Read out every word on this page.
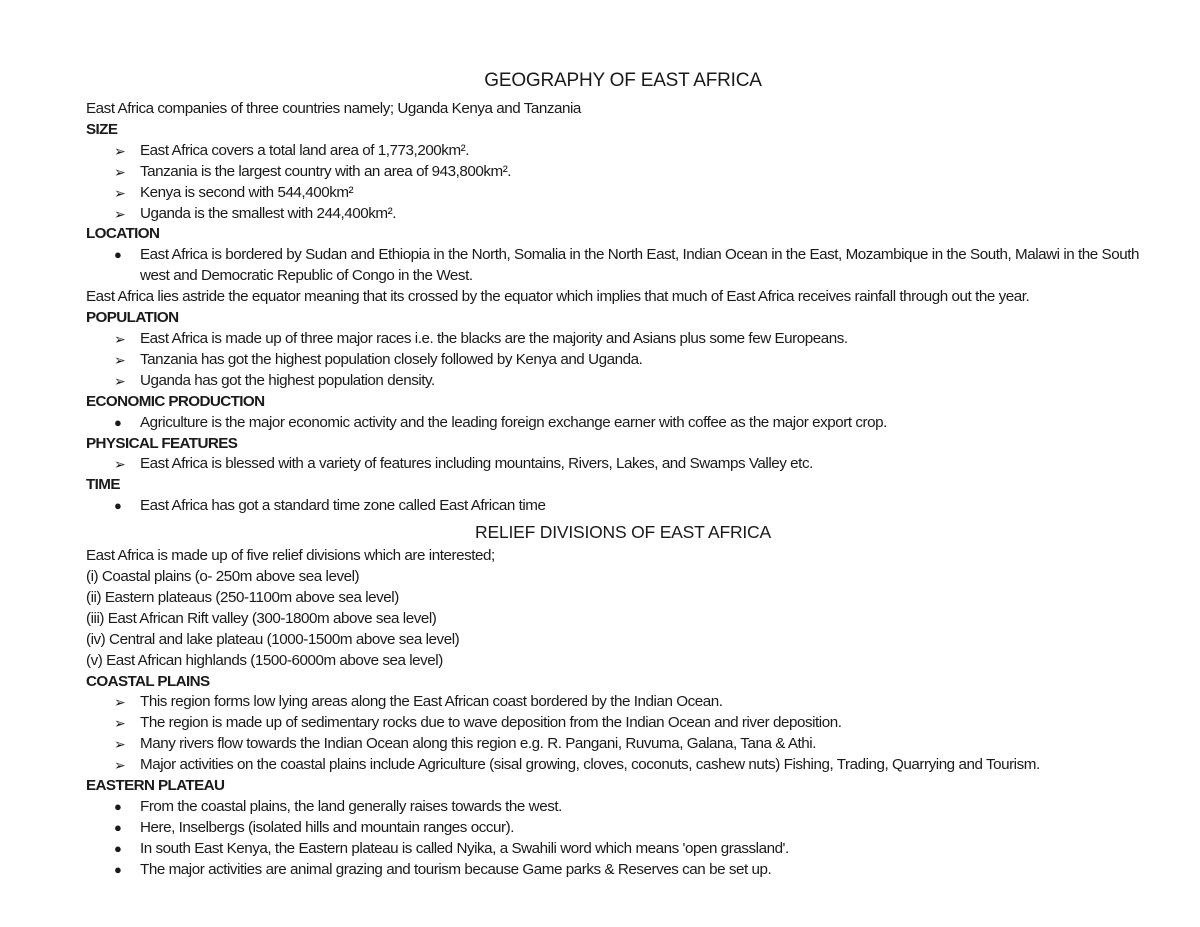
GEOGRAPHY OF EAST AFRICA

East Africa companies of three countries namely; Uganda Kenya and Tanzania

SIZE

➢ East Africa covers a total land area of 1,773,200km².
➢ Tanzania is the largest country with an area of 943,800km².
➢ Kenya is second with 544,400km²
➢ Uganda is the smallest with 244,400km².

LOCATION

●	East Africa is bordered by Sudan and Ethiopia in the North, Somalia in the North East, Indian Ocean in the East, Mozambique in the South, Malawi in the South west and Democratic Republic of Congo in the West.

East Africa lies astride the equator meaning that its crossed by the equator which implies that much of East Africa receives rainfall through out the year.

POPULATION

➢ East Africa is made up of three major races i.e. the blacks are the majority and Asians plus some few Europeans.
➢ Tanzania has got the highest population closely followed by Kenya and Uganda.
➢ Uganda has got the highest population density.

ECONOMIC PRODUCTION

●	Agriculture is the major economic activity and the leading foreign exchange earner with coffee as the major export crop.

PHYSICAL FEATURES

➢ East Africa is blessed with a variety of features including mountains, Rivers, Lakes, and Swamps Valley etc.

TIME

●	East Africa has got a standard time zone called East African time
RELIEF DIVISIONS OF EAST AFRICA

East Africa is made up of five relief divisions which are interested;

(i) Coastal plains (o- 250m above sea level)

(ii) Eastern plateaus (250-1100m above sea level)

(iii) East African Rift valley (300-1800m above sea level)

(iv) Central and lake plateau (1000-1500m above sea level)

(v) East African highlands (1500-6000m above sea level)

COASTAL PLAINS

➢ This region forms low lying areas along the East African coast bordered by the Indian Ocean.
➢ The region is made up of sedimentary rocks due to wave deposition from the Indian Ocean and river deposition.
➢ Many rivers flow towards the Indian Ocean along this region e.g. R. Pangani, Ruvuma, Galana, Tana & Athi.
➢ Major activities on the coastal plains include Agriculture (sisal growing, cloves, coconuts, cashew nuts) Fishing, Trading, Quarrying and Tourism.

EASTERN PLATEAU

●	From the coastal plains, the land generally raises towards the west.
●	Here, Inselbergs (isolated hills and mountain ranges occur).
●	In south East Kenya, the Eastern plateau is called Nyika, a Swahili word which means 'open grassland'.
●	The major activities are animal grazing and tourism because Game parks & Reserves can be set up.
